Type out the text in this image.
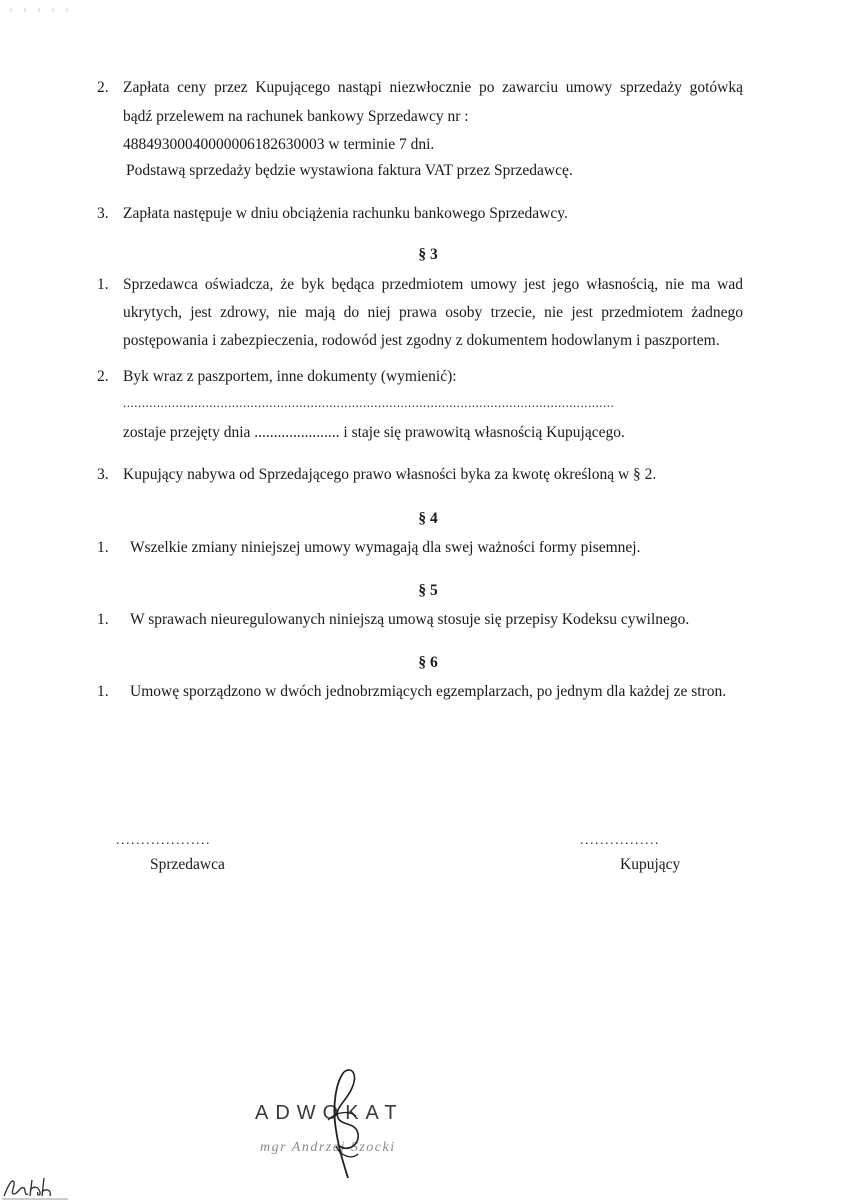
2. Zapłata ceny przez Kupującego nastąpi niezwłocznie po zawarciu umowy sprzedaży gotówką
bądź przelewem na rachunek bankowy Sprzedawcy nr :
48849300040000006182630003 w terminie 7 dni.
Podstawą sprzedaży będzie wystawiona faktura VAT przez Sprzedawcę.
3. Zapłata następuje w dniu obciążenia rachunku bankowego Sprzedawcy.
§ 3
1. Sprzedawca oświadcza, że byk będąca przedmiotem umowy jest jego własnością, nie ma wad
ukrytych, jest zdrowy, nie mają do niej prawa osoby trzecie, nie jest przedmiotem żadnego
postępowania i zabezpieczenia, rodowód jest zgodny z dokumentem hodowlanym i paszportem.
2. Byk wraz z paszportem, inne dokumenty (wymienić):
...................................................................................................................................
zostaje przejęty dnia ...................... i staje się prawowitą własnością Kupującego.
3. Kupujący nabywa od Sprzedającego prawo własności byka za kwotę określoną w § 2.
§ 4
1. Wszelkie zmiany niniejszej umowy wymagają dla swej ważności formy pisemnej.
§ 5
1. W sprawach nieuregulowanych niniejszą umową stosuje się przepisy Kodeksu cywilnego.
§ 6
1. Umowę sporządzono w dwóch jednobrzmiących egzemplarzach, po jednym dla każdej ze stron.
...................
Sprzedawca
................
Kupujący
ADWOKAT
mgr Andrzej Szocki
